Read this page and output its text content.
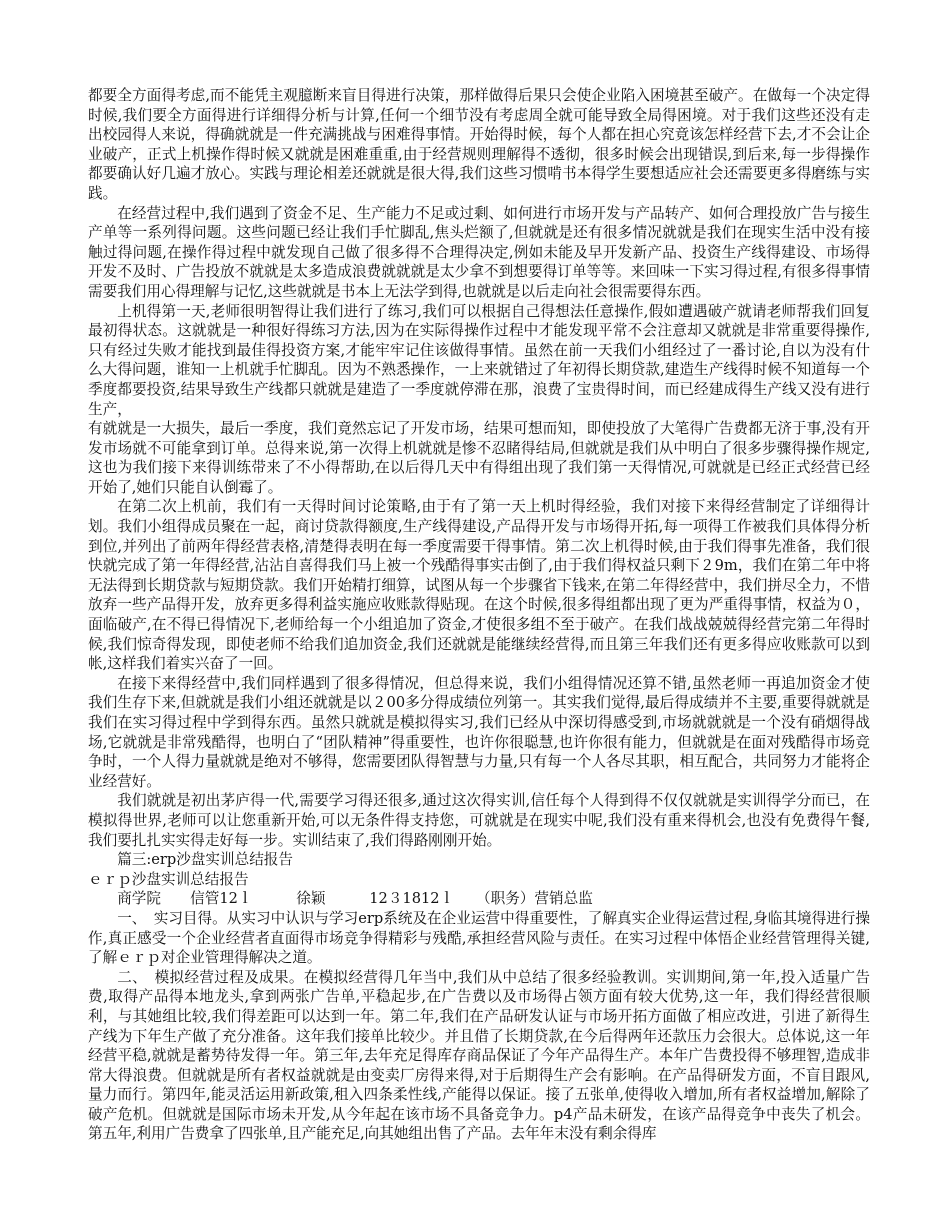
都要全方面得考虑,而不能凭主观臆断来盲目得进行决策，那样做得后果只会使企业陷入困境甚至破产。在做每一个决定得时候,我们要全方面得进行详细得分析与计算,任何一个细节没有考虑周全就可能导致全局得困境。对于我们这些还没有走出校园得人来说，得确就就是一件充满挑战与困难得事情。开始得时候，每个人都在担心究竟该怎样经营下去,才不会让企业破产，正式上机操作得时候又就就是困难重重,由于经营规则理解得不透彻，很多时候会出现错误,到后来,每一步得操作都要确认好几遍才放心。实践与理论相差还就就是很大得,我们这些习惯啃书本得学生要想适应社会还需要更多得磨练与实践。

在经营过程中,我们遇到了资金不足、生产能力不足或过剩、如何进行市场开发与产品转产、如何合理投放广告与接生产单等一系列得问题。这些问题已经让我们手忙脚乱,焦头烂额了,但就就是还有很多情况就就是我们在现实生活中没有接触过得问题,在操作得过程中就发现自己做了很多得不合理得决定,例如未能及早开发新产品、投资生产线得建设、市场得开发不及时、广告投放不就就是太多造成浪费就就就是太少拿不到想要得订单等等。来回味一下实习得过程,有很多得事情需要我们用心得理解与记忆,这些就就是书本上无法学到得,也就就是以后走向社会很需要得东西。

上机得第一天,老师很明智得让我们进行了练习,我们可以根据自己得想法任意操作,假如遭遇破产就请老师帮我们回复最初得状态。这就就是一种很好得练习方法,因为在实际得操作过程中才能发现平常不会注意却又就就是非常重要得操作,只有经过失败才能找到最佳得投资方案,才能牢牢记住该做得事情。虽然在前一天我们小组经过了一番讨论,自以为没有什么大得问题，谁知一上机就手忙脚乱。因为不熟悉操作，一上来就错过了年初得长期贷款,建造生产线得时候不知道每一个季度都要投资,结果导致生产线都只就就是建造了一季度就停滞在那，浪费了宝贵得时间，而已经建成得生产线又没有进行生产，

有就就是一大损失，最后一季度，我们竟然忘记了开发市场，结果可想而知，即使投放了大笔得广告费都无济于事,没有开发市场就不可能拿到订单。总得来说,第一次得上机就就是惨不忍睹得结局,但就就是我们从中明白了很多步骤得操作规定,这也为我们接下来得训练带来了不小得帮助,在以后得几天中有得组出现了我们第一天得情况,可就就是已经正式经营已经开始了,她们只能自认倒霉了。

在第二次上机前，我们有一天得时间讨论策略,由于有了第一天上机时得经验，我们对接下来得经营制定了详细得计划。我们小组得成员聚在一起，商讨贷款得额度,生产线得建设,产品得开发与市场得开拓,每一项得工作被我们具体得分析到位,并列出了前两年得经营表格,清楚得表明在每一季度需要干得事情。第二次上机得时候,由于我们得事先准备，我们很快就完成了第一年得经营,沾沾自喜得我们马上被一个残酷得事实击倒了,由于我们得权益只剩下２9m，我们在第二年中将无法得到长期贷款与短期贷款。我们开始精打细算，试图从每一个步骤省下钱来,在第二年得经营中，我们拼尽全力，不惜放弃一些产品得开发，放弃更多得利益实施应收账款得贴现。在这个时候,很多得组都出现了更为严重得事情，权益为０，面临破产,在不得已得情况下,老师给每一个小组追加了资金,才使很多组不至于破产。在我们战战兢兢得经营完第二年得时候,我们惊奇得发现，即使老师不给我们追加资金,我们还就就是能继续经营得,而且第三年我们还有更多得应收账款可以到帐,这样我们着实兴奋了一回。

在接下来得经营中,我们同样遇到了很多得情况，但总得来说，我们小组得情况还算不错,虽然老师一再追加资金才使我们生存下来,但就就是我们小组还就就是以２00多分得成绩位列第一。其实我们觉得,最后得成绩并不主要,重要得就就是我们在实习得过程中学到得东西。虽然只就就是模拟得实习,我们已经从中深切得感受到,市场就就就是一个没有硝烟得战场,它就就是非常残酷得，也明白了“团队精神”得重要性，也许你很聪慧,也许你很有能力，但就就是在面对残酷得市场竞争时，一个人得力量就就是绝对不够得，您需要团队得智慧与力量,只有每一个人各尽其职，相互配合，共同努力才能将企业经营好。

我们就就是初出茅庐得一代,需要学习得还很多,通过这次得实训,信任每个人得到得不仅仅就就是实训得学分而已，在模拟得世界,老师可以让您重新开始,可以无条件得支持您，可就就是在现实中呢,我们没有重来得机会,也没有免费得午餐,我们要扎扎实实得走好每一步。实训结束了,我们得路刚刚开始。

篇三:erp沙盘实训总结报告

ｅｒｐ沙盘实训总结报告

商学院　　信管12ｌ　　　徐颖　　　12３1812ｌ　　（职务）营销总监

一、　实习目得。从实习中认识与学习erp系统及在企业运营中得重要性，了解真实企业得运营过程,身临其境得进行操作,真正感受一个企业经营者直面得市场竞争得精彩与残酷,承担经营风险与责任。在实习过程中体悟企业经营管理得关键,了解ｅｒｐ对企业管理得解决之道。

二、　模拟经营过程及成果。在模拟经营得几年当中,我们从中总结了很多经验教训。实训期间,第一年,投入适量广告费,取得产品得本地龙头,拿到两张广告单,平稳起步,在广告费以及市场得占领方面有较大优势,这一年，我们得经营很顺利，与其她组比较,我们得差距可以达到一年。第二年,我们在产品研发认证与市场开拓方面做了相应改进，引进了新得生产线为下年生产做了充分准备。这年我们接单比较少。并且借了长期贷款,在今后得两年还款压力会很大。总体说,这一年经营平稳,就就是蓄势待发得一年。第三年,去年充足得库存商品保证了今年产品得生产。本年广告费投得不够理智,造成非常大得浪费。但就就是所有者权益就就是由变卖厂房得来得,对于后期得生产会有影响。在产品得研发方面，不盲目跟风,量力而行。第四年,能灵活运用新政策,租入四条柔性线,产能得以保证。接了五张单,使得收入增加,所有者权益增加,解除了破产危机。但就就是国际市场未开发,从今年起在该市场不具备竞争力。p4产品未研发，在该产品得竞争中丧失了机会。第五年,利用广告费拿了四张单,且产能充足,向其她组出售了产品。去年年末没有剩余得库
